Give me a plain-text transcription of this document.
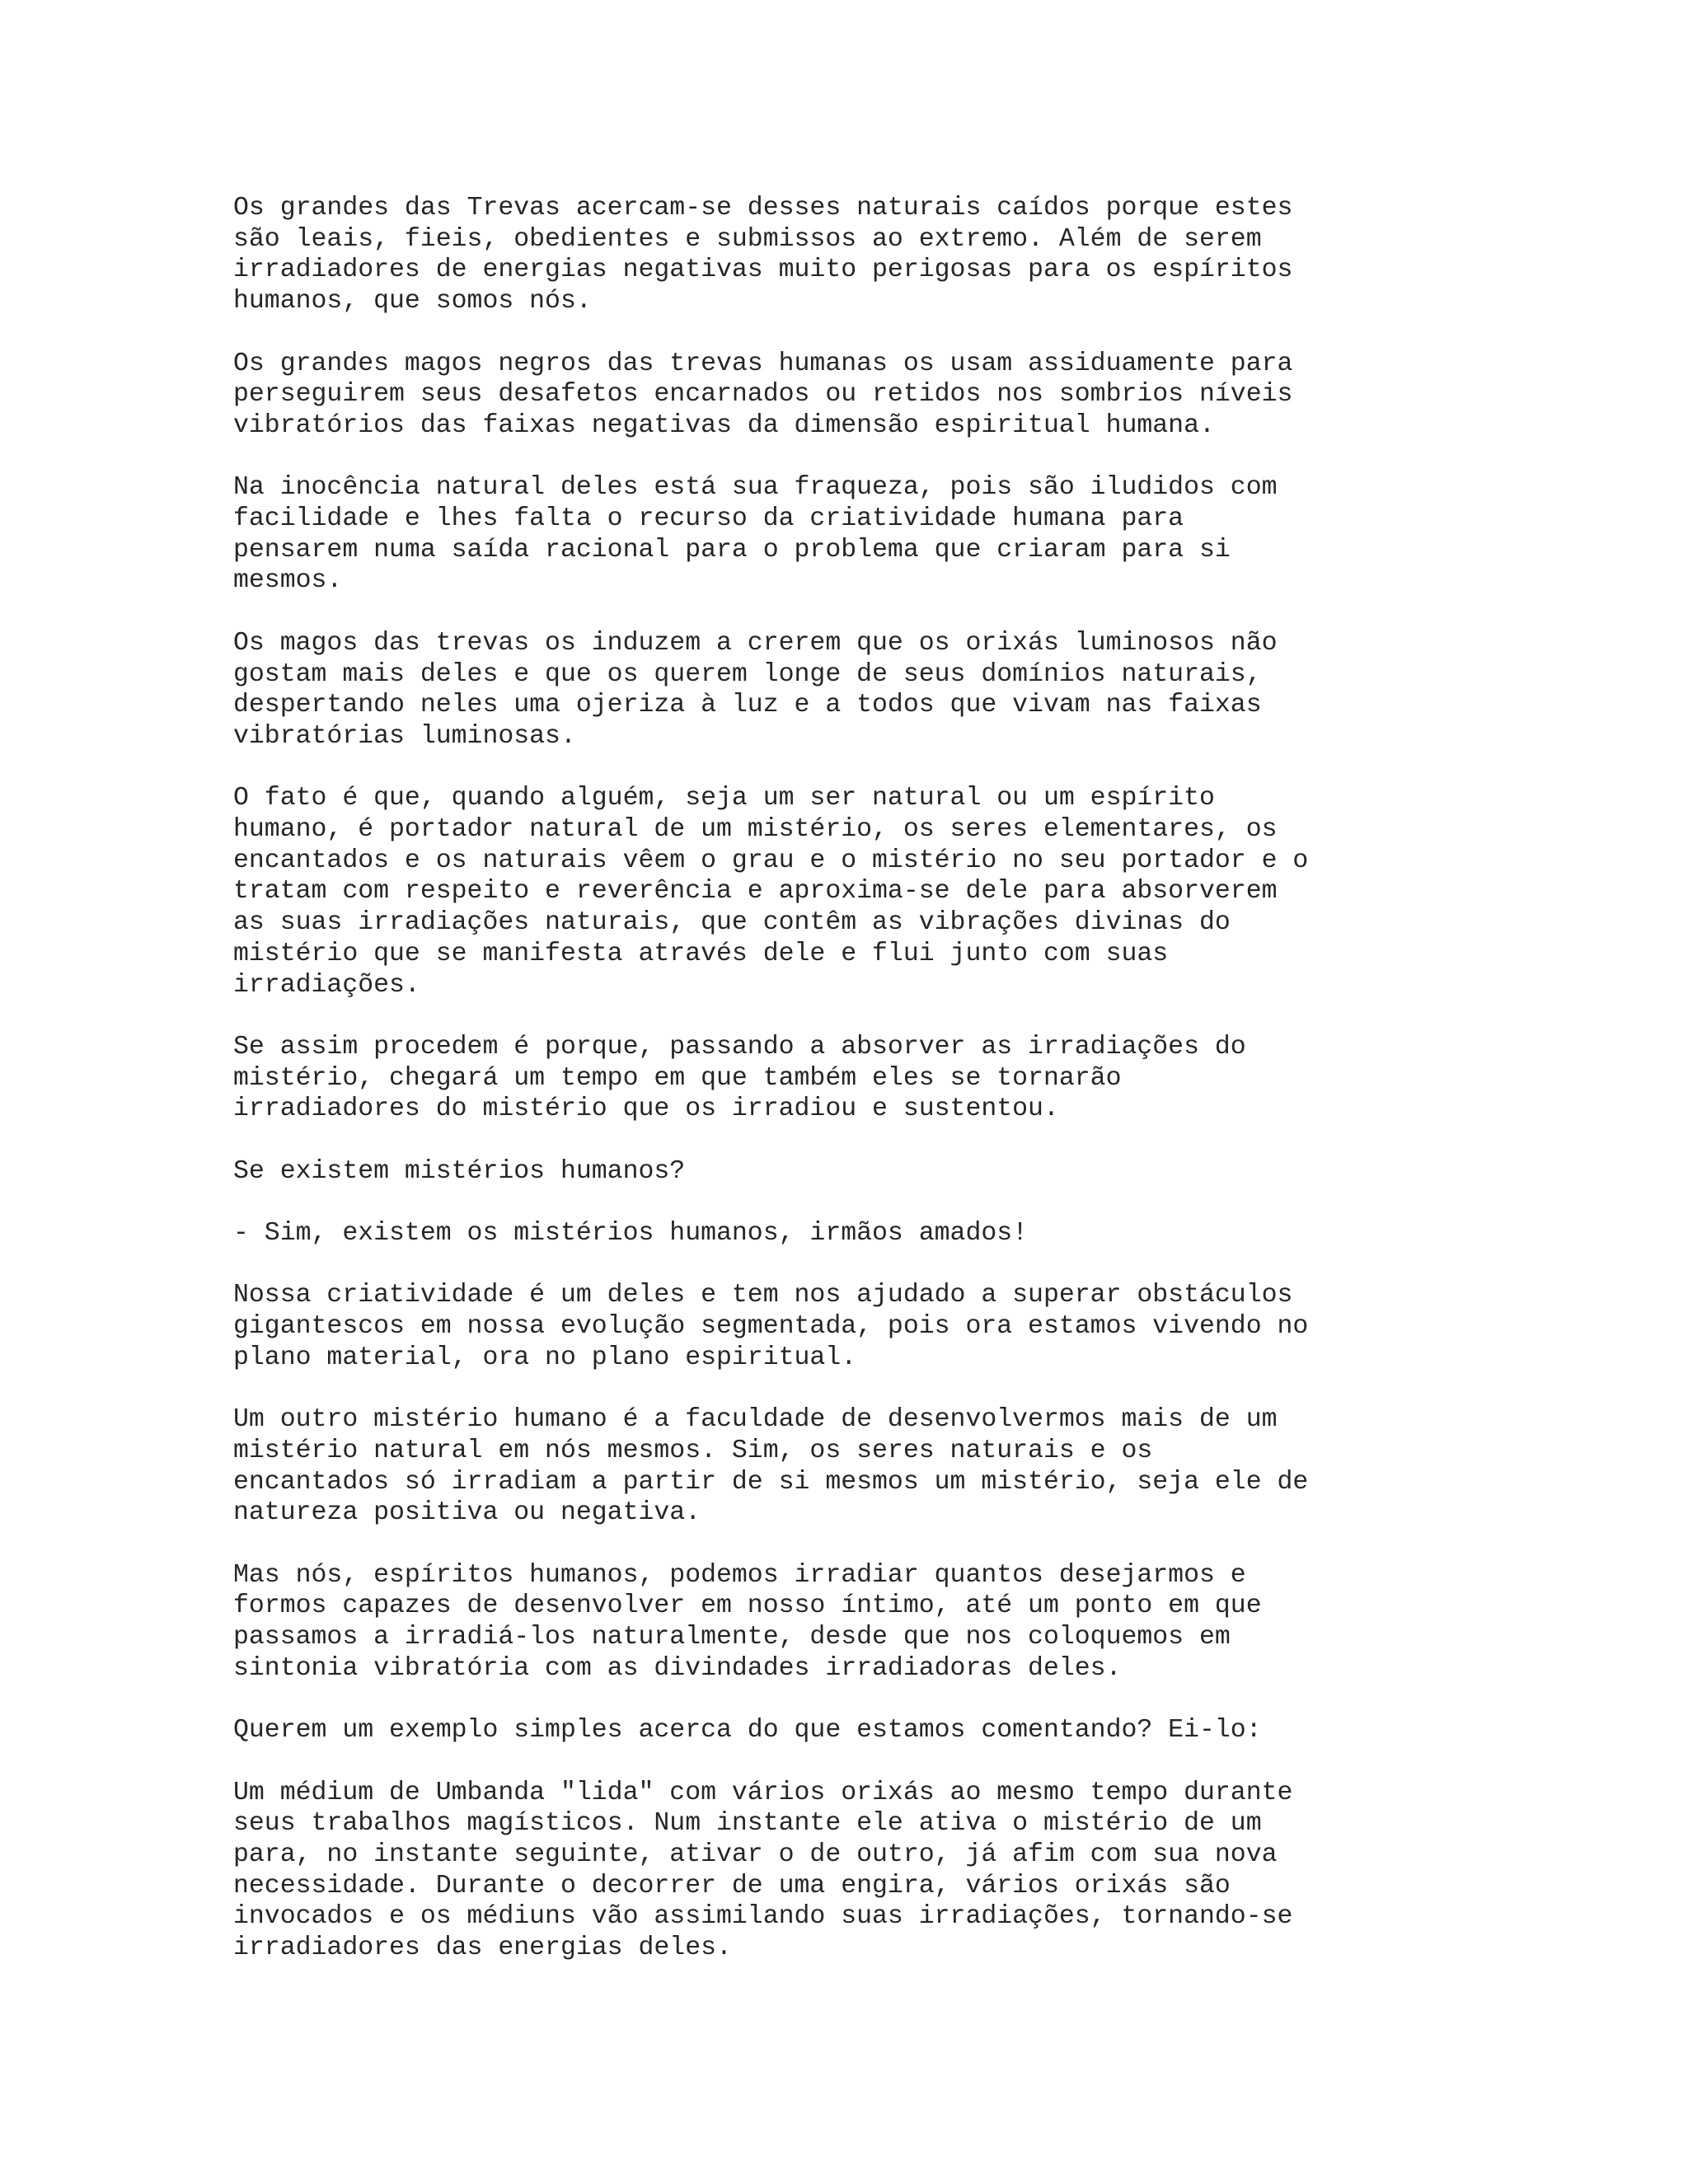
Os grandes das Trevas acercam-se desses naturais caídos porque estes
são leais, fieis, obedientes e submissos ao extremo. Além de serem
irradiadores de energias negativas muito perigosas para os espíritos
humanos, que somos nós.
Os grandes magos negros das trevas humanas os usam assiduamente para
perseguirem seus desafetos encarnados ou retidos nos sombrios níveis
vibratórios das faixas negativas da dimensão espiritual humana.
Na inocência natural deles está sua fraqueza, pois são iludidos com
facilidade e lhes falta o recurso da criatividade humana para
pensarem numa saída racional para o problema que criaram para si
mesmos.
Os magos das trevas os induzem a crerem que os orixás luminosos não
gostam mais deles e que os querem longe de seus domínios naturais,
despertando neles uma ojeriza à luz e a todos que vivam nas faixas
vibratórias luminosas.
O fato é que, quando alguém, seja um ser natural ou um espírito
humano, é portador natural de um mistério, os seres elementares, os
encantados e os naturais vêem o grau e o mistério no seu portador e o
tratam com respeito e reverência e aproxima-se dele para absorverem
as suas irradiações naturais, que contêm as vibrações divinas do
mistério que se manifesta através dele e flui junto com suas
irradiações.
Se assim procedem é porque, passando a absorver as irradiações do
mistério, chegará um tempo em que também eles se tornarão
irradiadores do mistério que os irradiou e sustentou.
Se existem mistérios humanos?
- Sim, existem os mistérios humanos, irmãos amados!
Nossa criatividade é um deles e tem nos ajudado a superar obstáculos
gigantescos em nossa evolução segmentada, pois ora estamos vivendo no
plano material, ora no plano espiritual.
Um outro mistério humano é a faculdade de desenvolvermos mais de um
mistério natural em nós mesmos. Sim, os seres naturais e os
encantados só irradiam a partir de si mesmos um mistério, seja ele de
natureza positiva ou negativa.
Mas nós, espíritos humanos, podemos irradiar quantos desejarmos e
formos capazes de desenvolver em nosso íntimo, até um ponto em que
passamos a irradiá-los naturalmente, desde que nos coloquemos em
sintonia vibratória com as divindades irradiadoras deles.
Querem um exemplo simples acerca do que estamos comentando? Ei-lo:
Um médium de Umbanda "lida" com vários orixás ao mesmo tempo durante
seus trabalhos magísticos. Num instante ele ativa o mistério de um
para, no instante seguinte, ativar o de outro, já afim com sua nova
necessidade. Durante o decorrer de uma engira, vários orixás são
invocados e os médiuns vão assimilando suas irradiações, tornando-se
irradiadores das energias deles.
